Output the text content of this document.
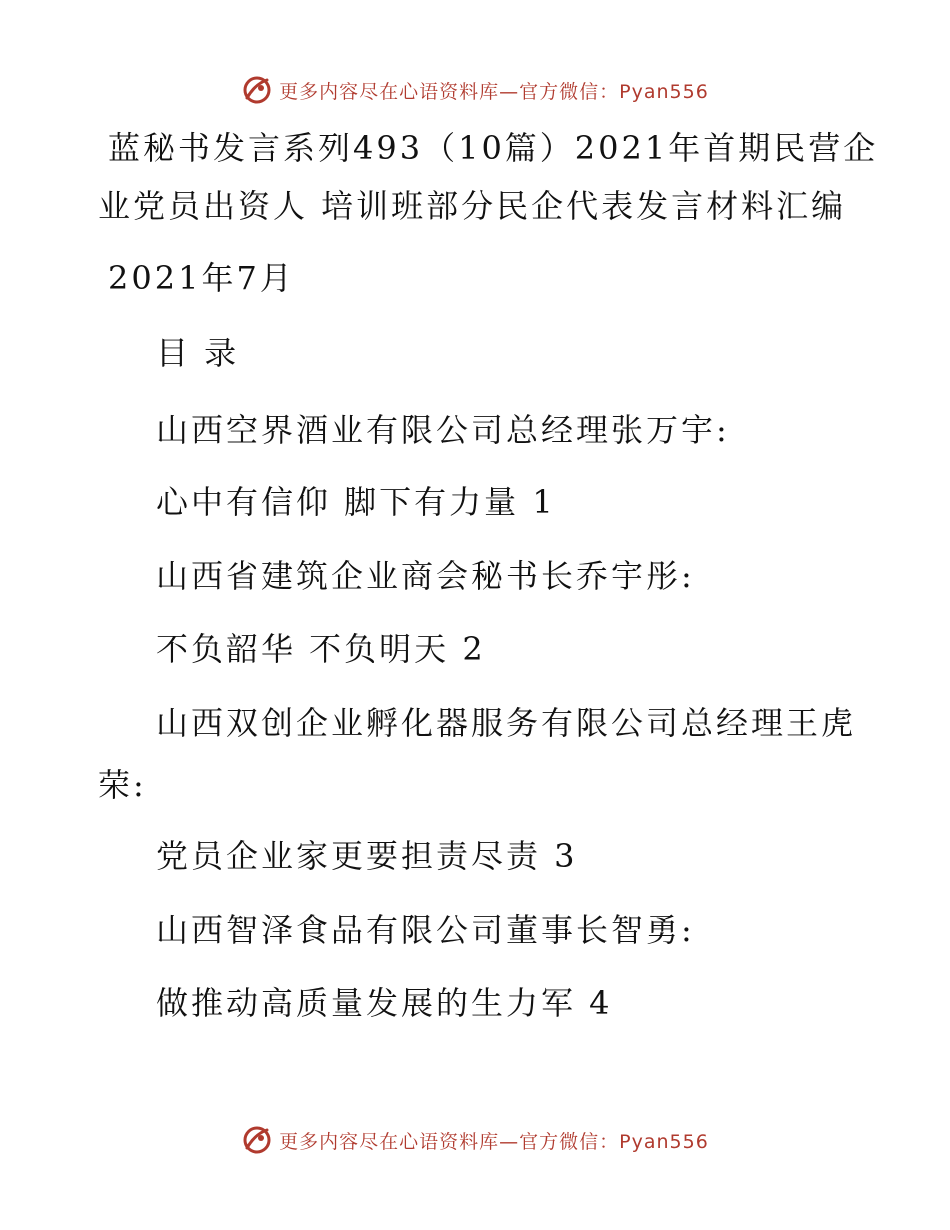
更多内容尽在心语资料库—官方微信：Pyan556
蓝秘书发言系列493（10篇）2021年首期民营企
业党员出资人 培训班部分民企代表发言材料汇编
2021年7月
目 录
山西空界酒业有限公司总经理张万宇:
心中有信仰 脚下有力量 1
山西省建筑企业商会秘书长乔宇彤:
不负韶华 不负明天 2
山西双创企业孵化器服务有限公司总经理王虎
荣:
党员企业家更要担责尽责 3
山西智泽食品有限公司董事长智勇:
做推动高质量发展的生力军 4
更多内容尽在心语资料库—官方微信：Pyan556
